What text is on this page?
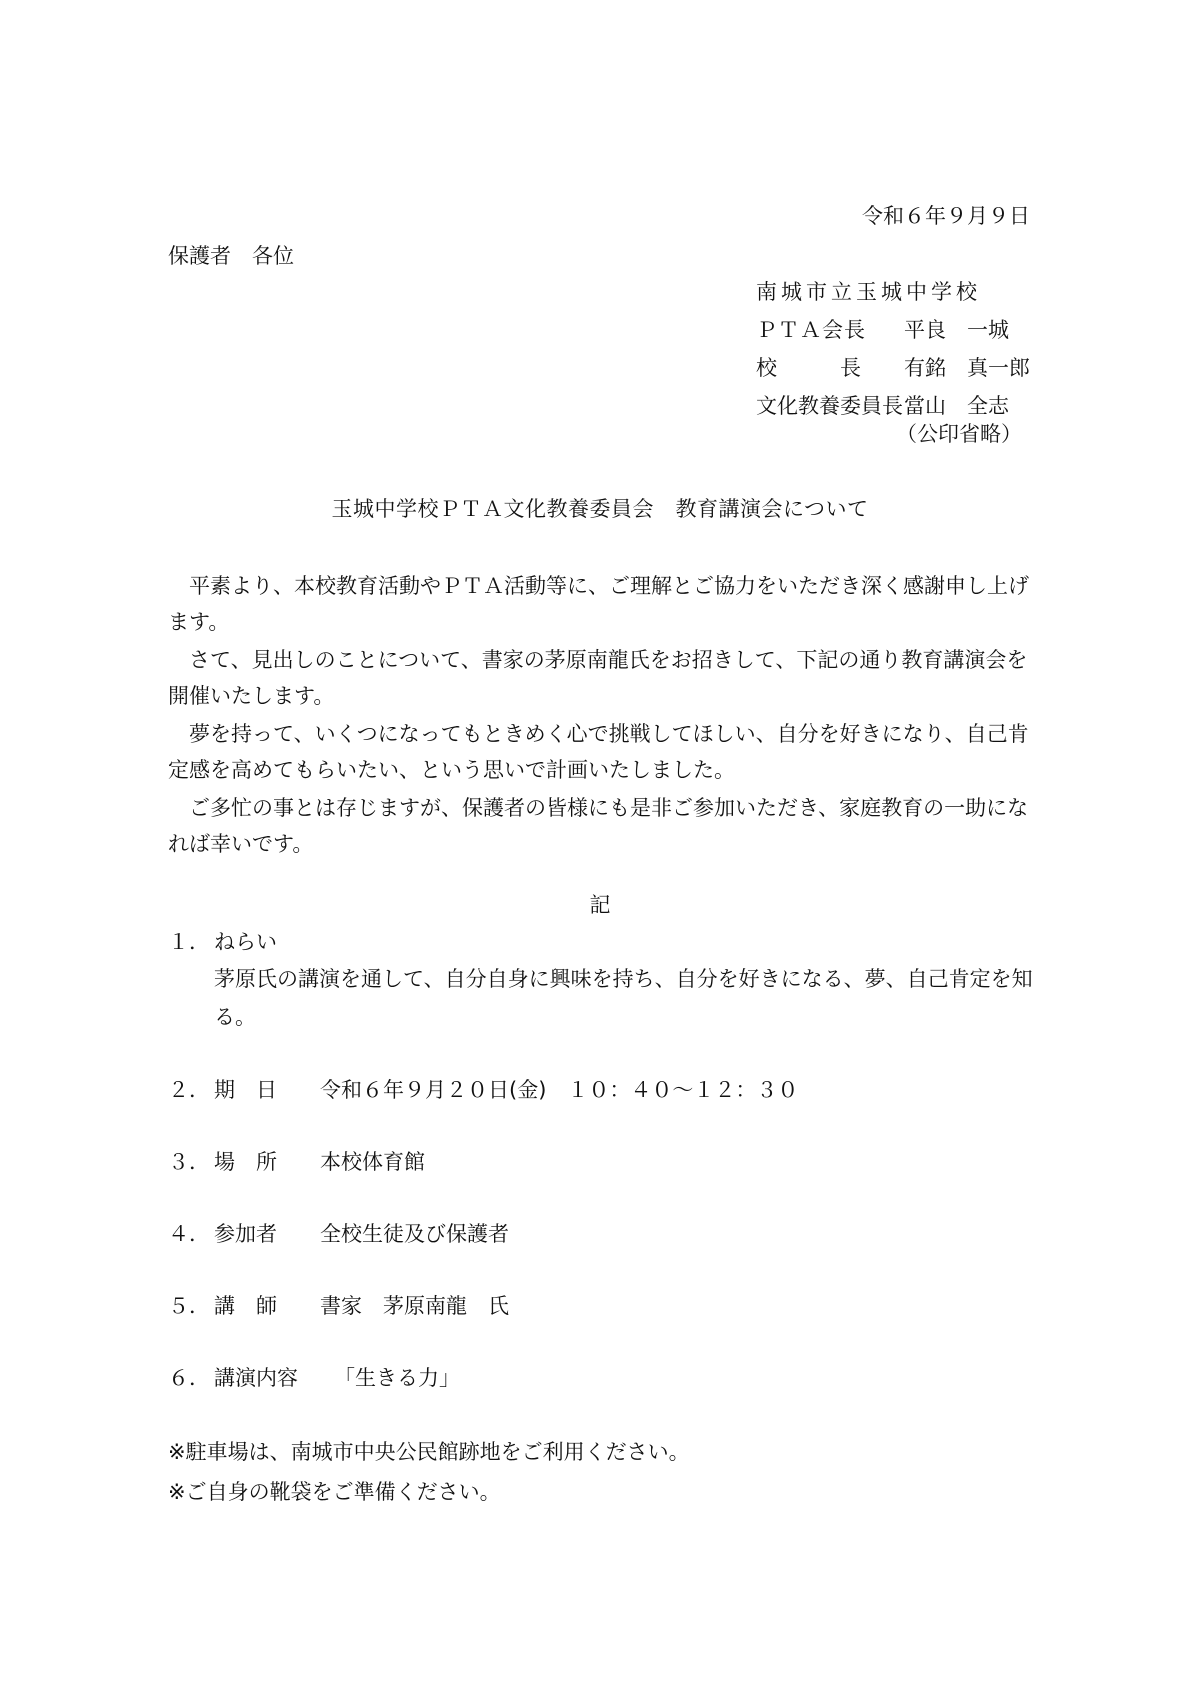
令和６年９月９日
保護者　各位
南城市立玉城中学校
ＰＴＡ会長 平良　一城
校　　　長 有銘　真一郎
文化教養委員長 當山　全志
（公印省略）
玉城中学校ＰＴＡ文化教養委員会　教育講演会について

平素より、本校教育活動やＰＴＡ活動等に、ご理解とご協力をいただき深く感謝申し上げます。

さて、見出しのことについて、書家の茅原南龍氏をお招きして、下記の通り教育講演会を開催いたします。

夢を持って、いくつになってもときめく心で挑戦してほしい、自分を好きになり、自己肯定感を高めてもらいたい、という思いで計画いたしました。

ご多忙の事とは存じますが、保護者の皆様にも是非ご参加いただき、家庭教育の一助になれば幸いです。

記
１． ねらい
茅原氏の講演を通して、自分自身に興味を持ち、自分を好きになる、夢、自己肯定を知る。
２． 期　日 令和６年９月２０日(金)　１０：４０～１２：３０
３． 場　所 本校体育館
４． 参加者 全校生徒及び保護者
５． 講　師 書家　茅原南龍　氏
６． 講演内容 「生きる力」
※駐車場は、南城市中央公民館跡地をご利用ください。
※ご自身の靴袋をご準備ください。
